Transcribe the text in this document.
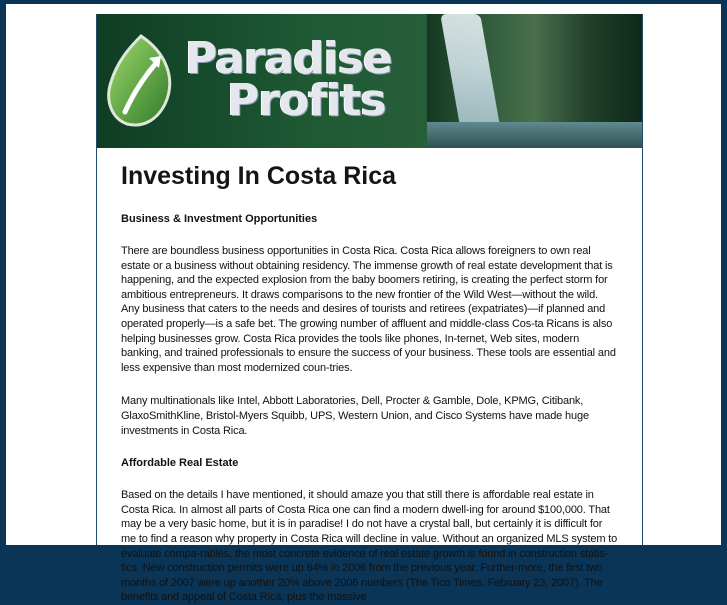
Paradise
Profits
Investing In Costa Rica
Business & Investment Opportunities

There are boundless business opportunities in Costa Rica. Costa Rica allows foreigners to own real estate or a business without obtaining residency. The immense growth of real estate development that is happening, and the expected explosion from the baby boomers retiring, is creating the perfect storm for ambitious entrepreneurs. It draws comparisons to the new frontier of the Wild West—without the wild. Any business that caters to the needs and desires of tourists and retirees (expatriates)—if planned and operated properly—is a safe bet. The growing number of affluent and middle-class Cos-ta Ricans is also helping businesses grow. Costa Rica provides the tools like phones, In-ternet, Web sites, modern banking, and trained professionals to ensure the success of your business. These tools are essential and less expensive than most modernized coun-tries.

Many multinationals like Intel, Abbott Laboratories, Dell, Procter & Gamble, Dole, KPMG, Citibank, GlaxoSmithKline, Bristol-Myers Squibb, UPS, Western Union, and Cisco Systems have made huge investments in Costa Rica.

Affordable Real Estate

Based on the details I have mentioned, it should amaze you that still there is affordable real estate in Costa Rica. In almost all parts of Costa Rica one can find a modern dwell-ing for around $100,000. That may be a very basic home, but it is in paradise! I do not have a crystal ball, but certainly it is difficult for me to find a reason why property in Costa Rica will decline in value. Without an organized MLS system to evaluate compa-rables, the most concrete evidence of real estate growth is found in construction statis-tics. New construction permits were up 64% in 2006 from the previous year. Further-more, the first two months of 2007 were up another 20% above 2006 numbers (The Tico Times, February 23, 2007). The benefits and appeal of Costa Rica, plus the massive
